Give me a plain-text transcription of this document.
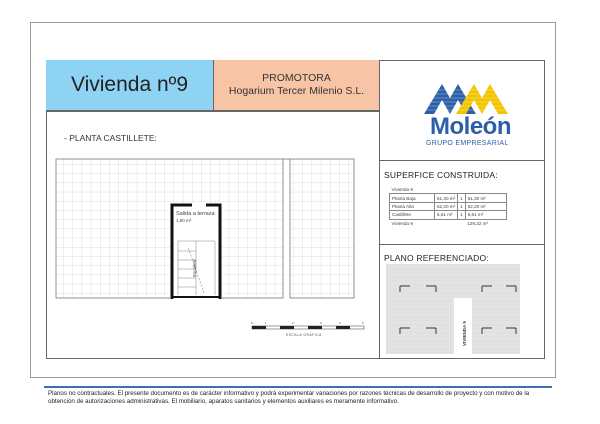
Vivienda nº9	PROMOTORA
Hogarium Tercer Milenio S.L.
Moleón
GRUPO EMPRESARIAL
- PLANTA CASTILLETE:
Salida a terraza
1,80 m²
Escalera
0	1	2	3	4	5
ESCALA GRÁFICA
SUPERFICE CONSTRUIDA:
Vivienda 9			
Planta Baja	61,30 m²	1	61,30 m²
Planta Alta	62,20 m²	1	62,20 m²
Castillete	5,61 m²	1	5,61 m²
Vivienda 9			129,32 m²
PLANO REFERENCIADO:
VIVIENDA 9
Planos no contractuales. El presente documento es de carácter informativo y podrá experimentar variaciones por razones técnicas de desarrollo de proyecto y con motivo de la obtención de autorizaciones administrativas. El mobiliario, aparatos sanitarios y elementos auxiliares es meramente informativo.
